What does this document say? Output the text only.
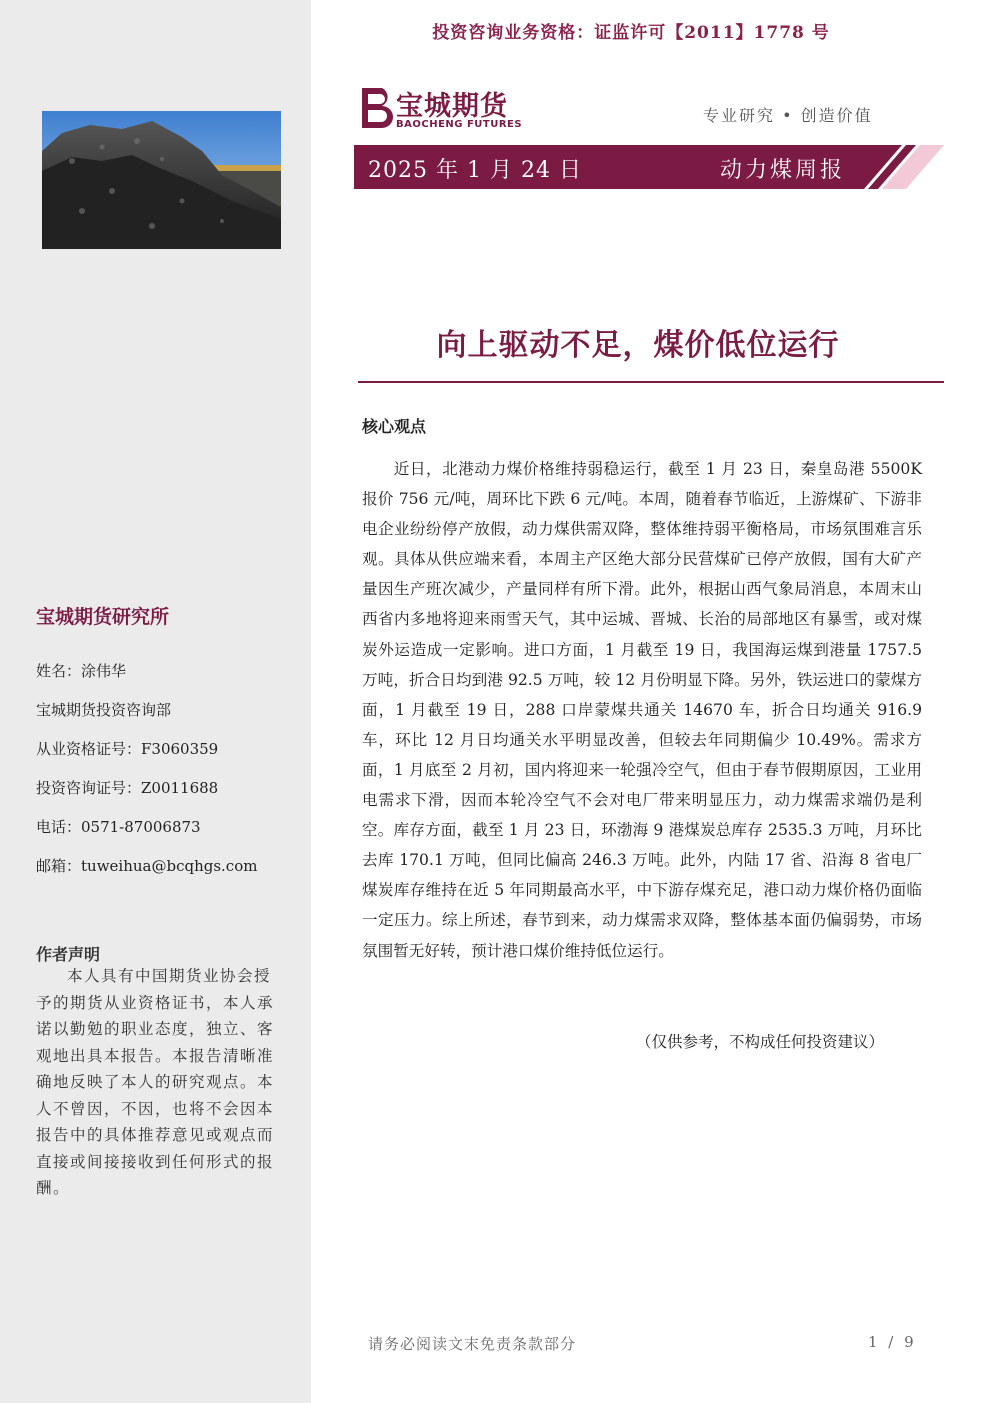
投资咨询业务资格：证监许可【2011】1778 号
宝城期货
BAOCHENG FUTURES	专业研究 • 创造价值
2025 年 1 月 24 日	动力煤周报
向上驱动不足，煤价低位运行
核心观点
近日，北港动力煤价格维持弱稳运行，截至 1 月 23 日，秦皇岛港 5500K 报价 756 元/吨，周环比下跌 6 元/吨。本周，随着春节临近，上游煤矿、下游非电企业纷纷停产放假，动力煤供需双降，整体维持弱平衡格局，市场氛围难言乐观。具体从供应端来看，本周主产区绝大部分民营煤矿已停产放假，国有大矿产量因生产班次减少，产量同样有所下滑。此外，根据山西气象局消息，本周末山西省内多地将迎来雨雪天气，其中运城、晋城、长治的局部地区有暴雪，或对煤炭外运造成一定影响。进口方面，1 月截至 19 日，我国海运煤到港量 1757.5 万吨，折合日均到港 92.5 万吨，较 12 月份明显下降。另外，铁运进口的蒙煤方面，1 月截至 19 日，288 口岸蒙煤共通关 14670 车，折合日均通关 916.9 车，环比 12 月日均通关水平明显改善，但较去年同期偏少 10.49%。需求方面，1 月底至 2 月初，国内将迎来一轮强冷空气，但由于春节假期原因，工业用电需求下滑，因而本轮冷空气不会对电厂带来明显压力，动力煤需求端仍是利空。库存方面，截至 1 月 23 日，环渤海 9 港煤炭总库存 2535.3 万吨，月环比去库 170.1 万吨，但同比偏高 246.3 万吨。此外，内陆 17 省、沿海 8 省电厂煤炭库存维持在近 5 年同期最高水平，中下游存煤充足，港口动力煤价格仍面临一定压力。综上所述，春节到来，动力煤需求双降，整体基本面仍偏弱势，市场氛围暂无好转，预计港口煤价维持低位运行。
（仅供参考，不构成任何投资建议）
宝城期货研究所
姓名：涂伟华
宝城期货投资咨询部
从业资格证号：F3060359
投资咨询证号：Z0011688
电话：0571-87006873
邮箱：tuweihua@bcqhgs.com
作者声明
本人具有中国期货业协会授予的期货从业资格证书，本人承诺以勤勉的职业态度，独立、客观地出具本报告。本报告清晰准确地反映了本人的研究观点。本人不曾因，不因，也将不会因本报告中的具体推荐意见或观点而直接或间接接收到任何形式的报酬。
请务必阅读文末免责条款部分	1 / 9
